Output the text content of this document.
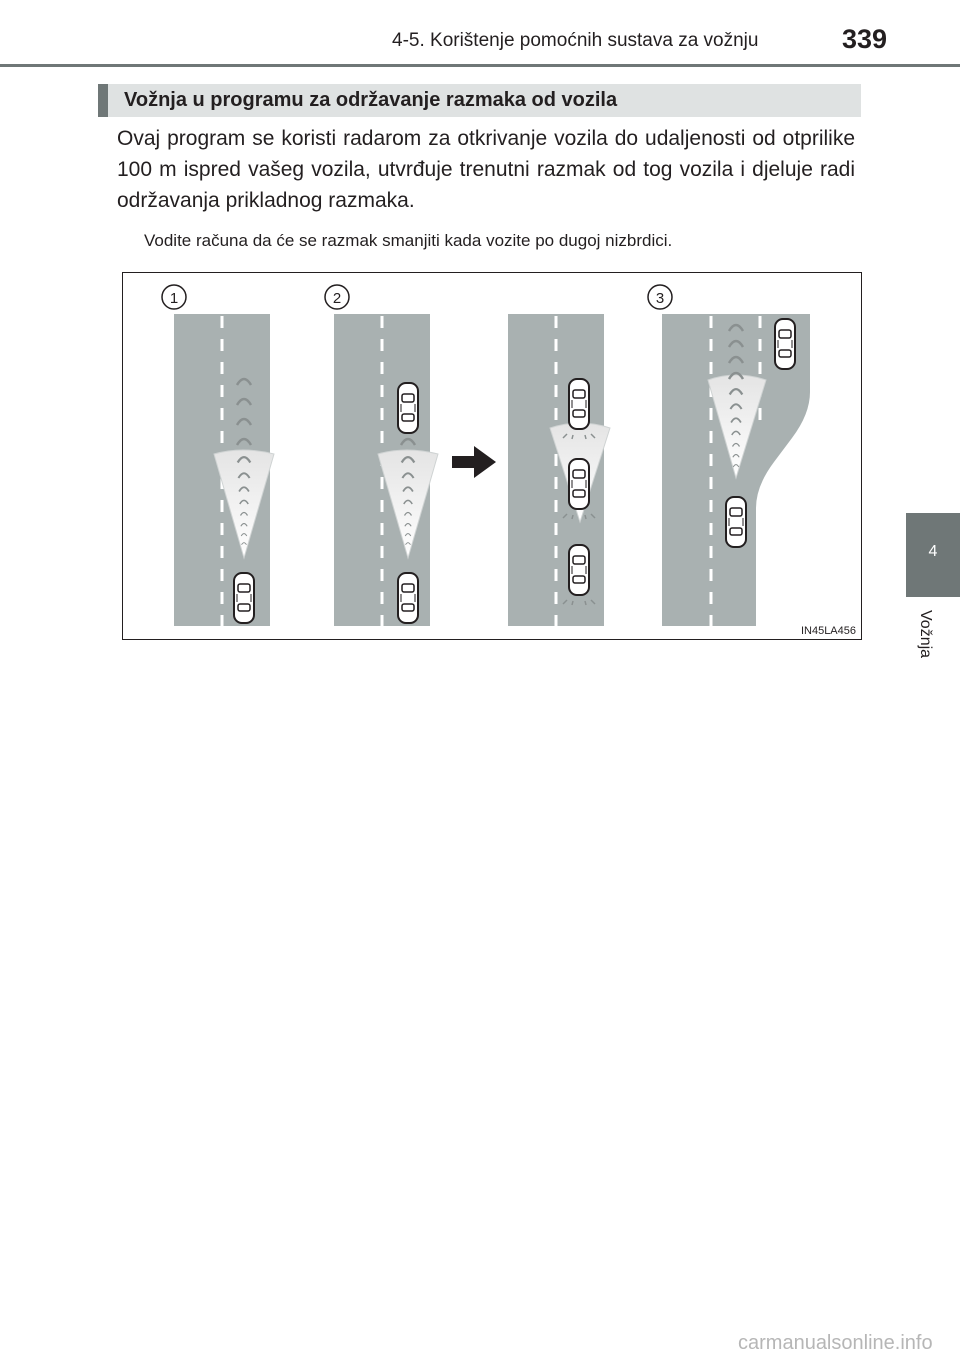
4-5. Korištenje pomoćnih sustava za vožnju	339
Vožnja u programu za održavanje razmaka od vozila

Ovaj program se koristi radarom za otkrivanje vozila do udaljenosti od otprilike 100 m ispred vašeg vozila, utvrđuje trenutni razmak od tog vozila i djeluje radi održavanja prikladnog razmaka.

Vodite računa da će se razmak smanjiti kada vozite po dugoj nizbrdici.

1	2	3
IN45LA456
4
Vožnja
carmanualsonline.info
